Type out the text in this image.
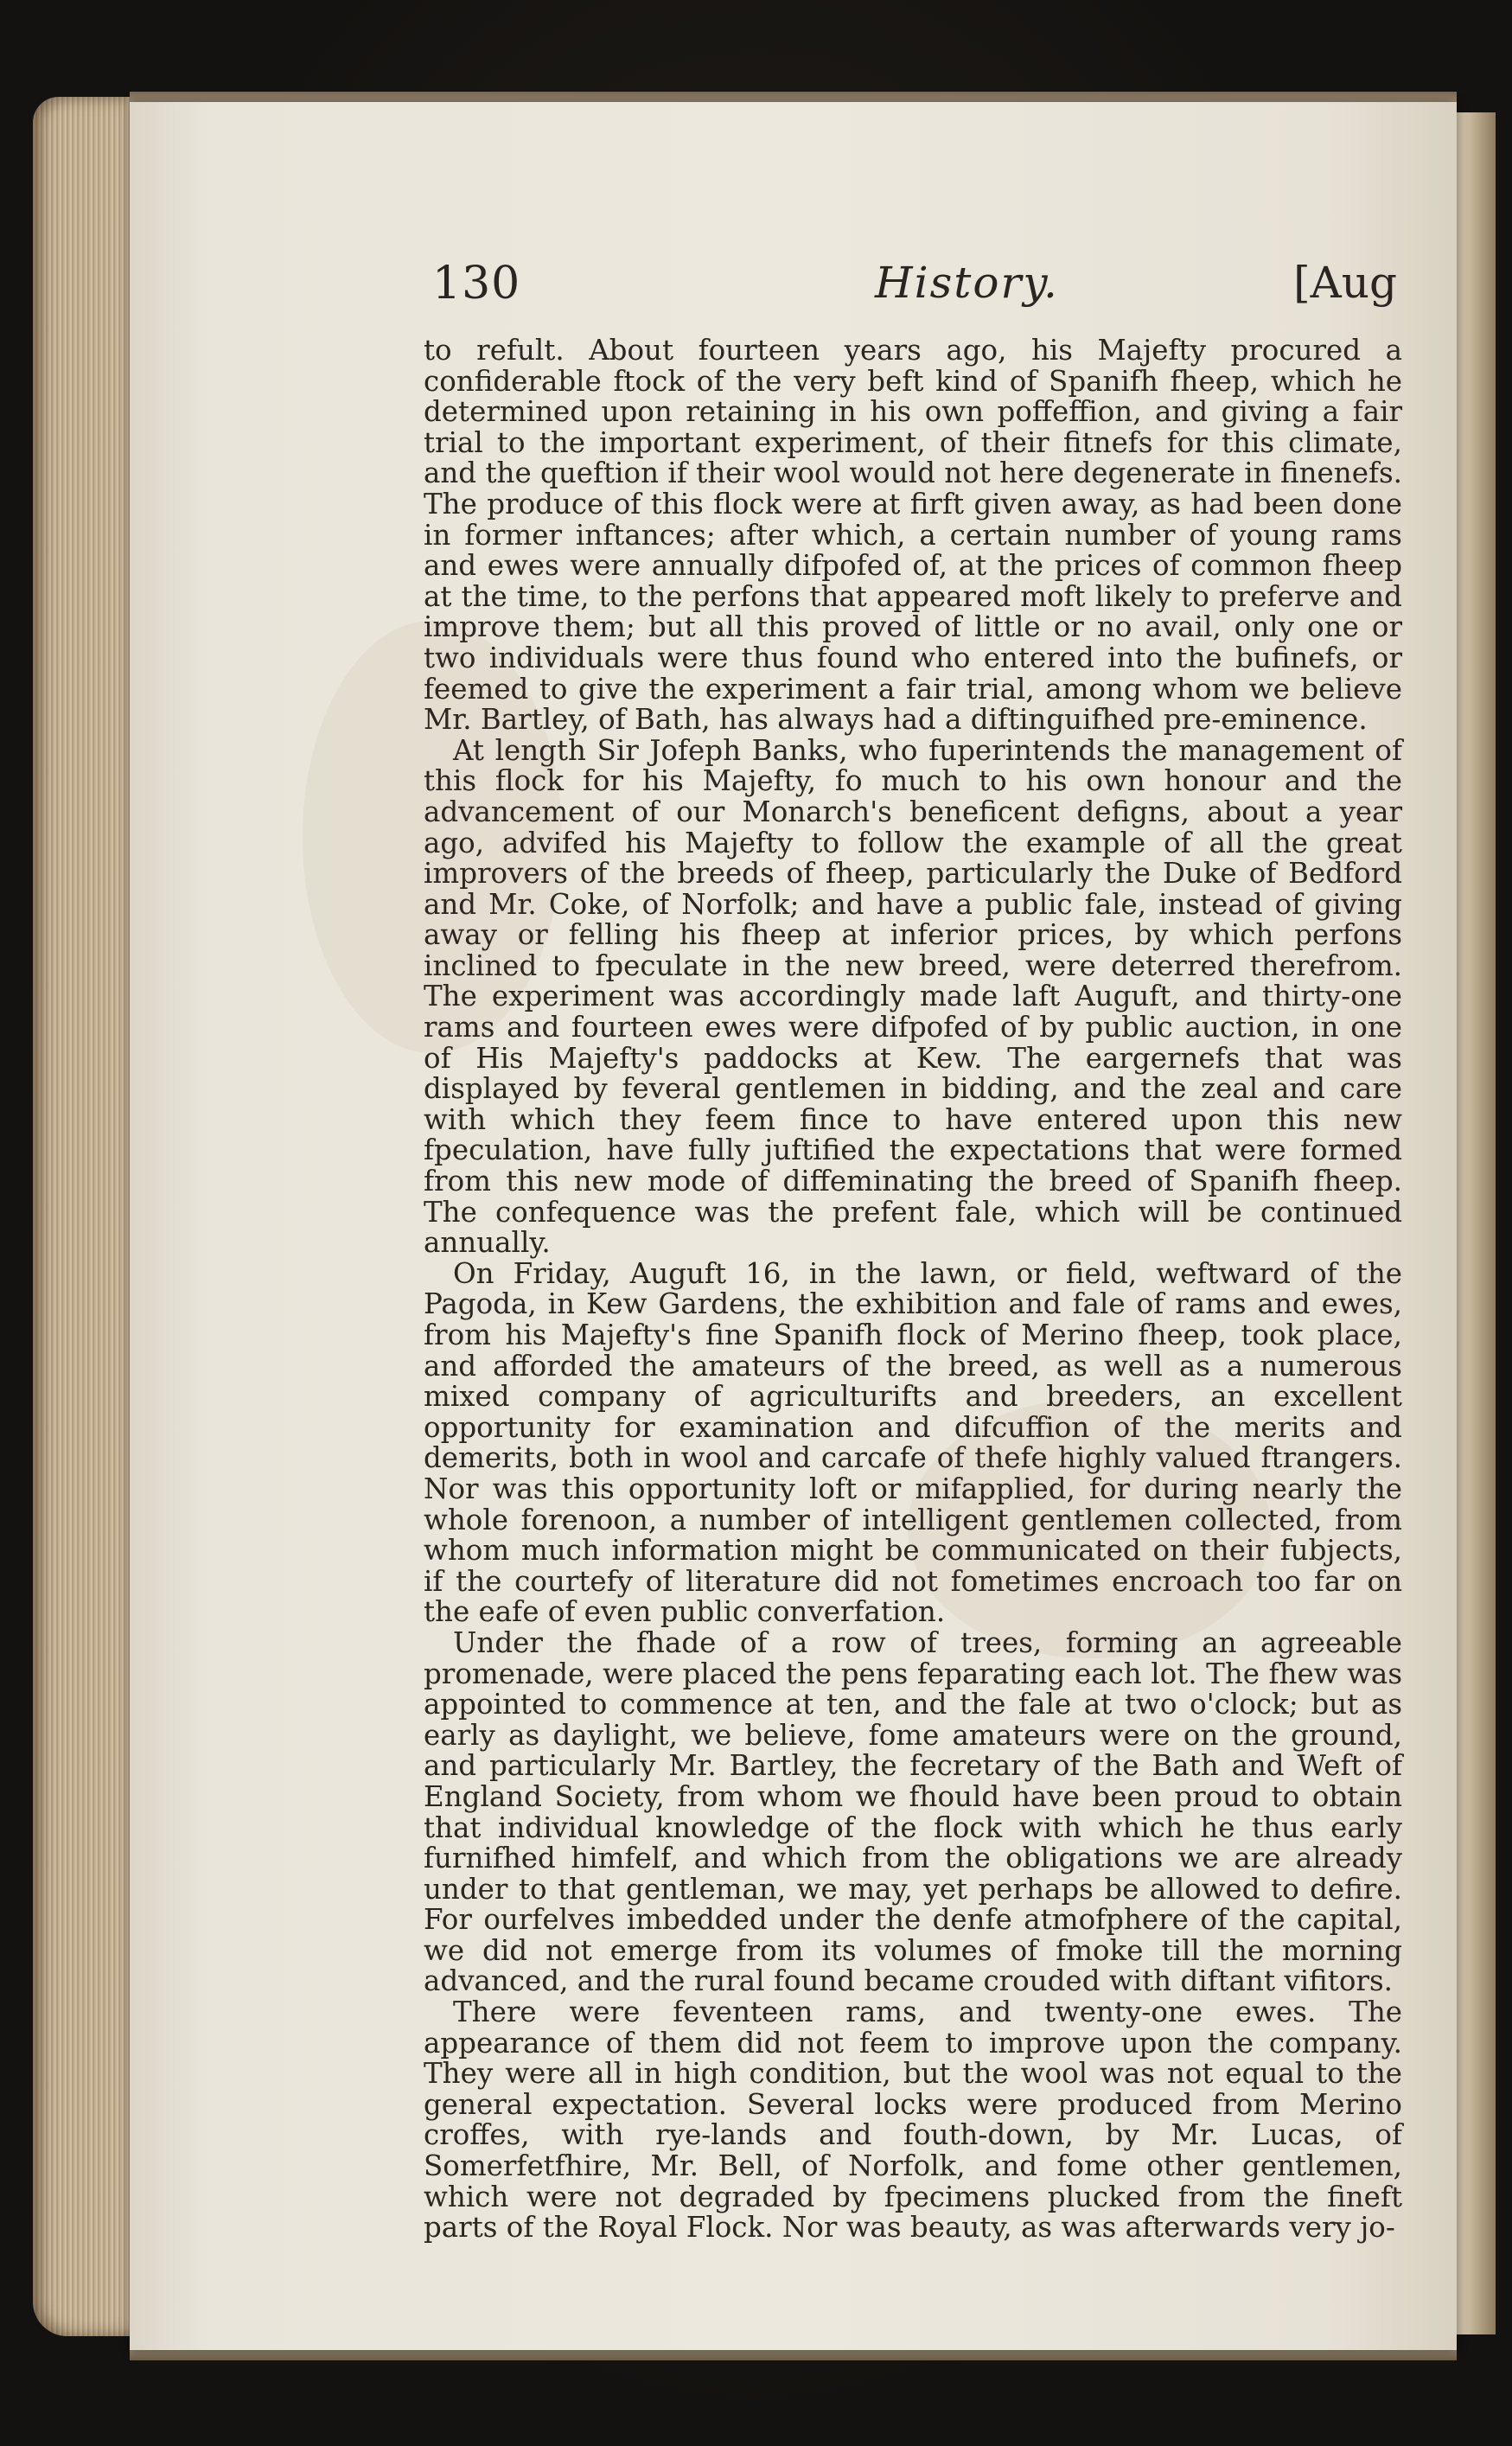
130	History.	[Aug

to refult. About fourteen years ago, his Majefty procured a confiderable ftock of the very beft kind of Spanifh fheep, which he determined upon retaining in his own poffeffion, and giving a fair trial to the important experiment, of their fitnefs for this climate, and the queftion if their wool would not here degenerate in finenefs. The produce of this flock were at firft given away, as had been done in former inftances; after which, a certain number of young rams and ewes were annually difpofed of, at the prices of common fheep at the time, to the perfons that appeared moft likely to preferve and improve them; but all this proved of little or no avail, only one or two individuals were thus found who entered into the bufinefs, or feemed to give the experiment a fair trial, among whom we believe Mr. Bartley, of Bath, has always had a diftinguifhed pre-eminence.

At length Sir Jofeph Banks, who fuperintends the management of this flock for his Majefty, fo much to his own honour and the advancement of our Monarch's beneficent defigns, about a year ago, advifed his Majefty to follow the example of all the great improvers of the breeds of fheep, particularly the Duke of Bedford and Mr. Coke, of Norfolk; and have a public fale, instead of giving away or felling his fheep at inferior prices, by which perfons inclined to fpeculate in the new breed, were deterred therefrom. The experiment was accordingly made laft Auguft, and thirty-one rams and fourteen ewes were difpofed of by public auction, in one of His Majefty's paddocks at Kew. The eargernefs that was displayed by feveral gentlemen in bidding, and the zeal and care with which they feem fince to have entered upon this new fpeculation, have fully juftified the expectations that were formed from this new mode of diffeminating the breed of Spanifh fheep. The confequence was the prefent fale, which will be continued annually.

On Friday, Auguft 16, in the lawn, or field, weftward of the Pagoda, in Kew Gardens, the exhibition and fale of rams and ewes, from his Majefty's fine Spanifh flock of Merino fheep, took place, and afforded the amateurs of the breed, as well as a numerous mixed company of agriculturifts and breeders, an excellent opportunity for examination and difcuffion of the merits and demerits, both in wool and carcafe of thefe highly valued ftrangers. Nor was this opportunity loft or mifapplied, for during nearly the whole forenoon, a number of intelligent gentlemen collected, from whom much information might be communicated on their fubjects, if the courtefy of literature did not fometimes encroach too far on the eafe of even public converfation.

Under the fhade of a row of trees, forming an agreeable promenade, were placed the pens feparating each lot. The fhew was appointed to commence at ten, and the fale at two o'clock; but as early as daylight, we believe, fome amateurs were on the ground, and particularly Mr. Bartley, the fecretary of the Bath and Weft of England Society, from whom we fhould have been proud to obtain that individual knowledge of the flock with which he thus early furnifhed himfelf, and which from the obligations we are already under to that gentleman, we may, yet perhaps be allowed to defire. For ourfelves imbedded under the denfe atmofphere of the capital, we did not emerge from its volumes of fmoke till the morning advanced, and the rural found became crouded with diftant vifitors.

There were feventeen rams, and twenty-one ewes. The appearance of them did not feem to improve upon the company. They were all in high condition, but the wool was not equal to the general expectation. Several locks were produced from Merino croffes, with rye-lands and fouth-down, by Mr. Lucas, of Somerfetfhire, Mr. Bell, of Norfolk, and fome other gentlemen, which were not degraded by fpecimens plucked from the fineft parts of the Royal Flock. Nor was beauty, as was afterwards very jo-
